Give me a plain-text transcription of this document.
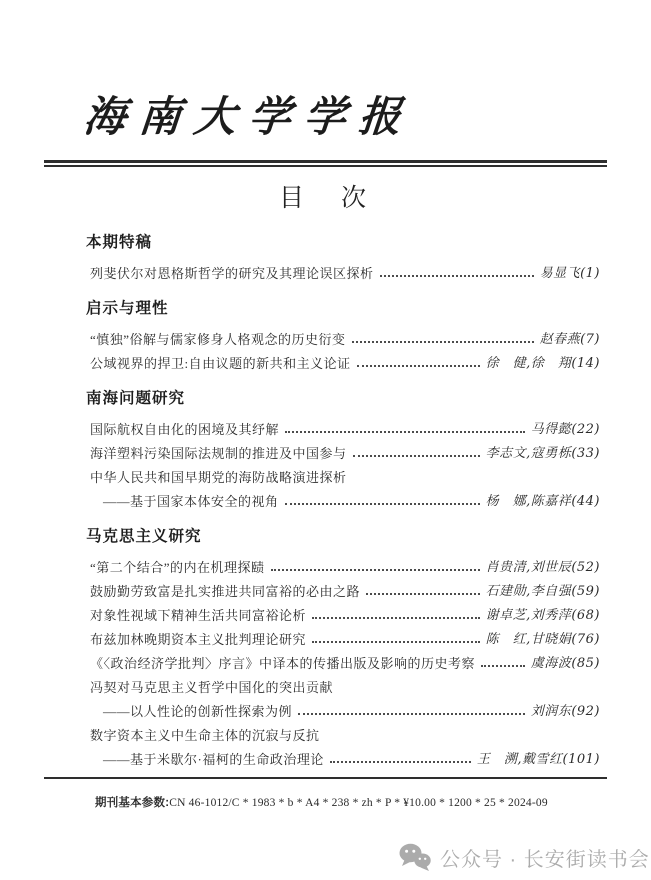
海南大学学报
目　次
本期特稿
列斐伏尔对恩格斯哲学的研究及其理论误区探析	易显飞 (1)
启示与理性
“慎独”俗解与儒家修身人格观念的历史衍变	赵春燕 (7)
公域视界的捍卫:自由议题的新共和主义论证	徐　健,徐　翔 (14)
南海问题研究
国际航权自由化的困境及其纾解	马得懿 (22)
海洋塑料污染国际法规制的推进及中国参与	李志文,寇勇栎 (33)
中华人民共和国早期党的海防战略演进探析
——基于国家本体安全的视角	杨　娜,陈嘉祥 (44)
马克思主义研究
“第二个结合”的内在机理探赜	肖贵清,刘世辰 (52)
鼓励勤劳致富是扎实推进共同富裕的必由之路	石建勋,李自强 (59)
对象性视域下精神生活共同富裕论析	谢卓芝,刘秀萍 (68)
布兹加林晚期资本主义批判理论研究	陈　红,甘晓娟 (76)
《〈政治经济学批判〉序言》中译本的传播出版及影响的历史考察	虞海波 (85)
冯契对马克思主义哲学中国化的突出贡献
——以人性论的创新性探索为例	刘润东 (92)
数字资本主义中生命主体的沉寂与反抗
——基于米歇尔·福柯的生命政治理论	王　溯,戴雪红 (101)
期刊基本参数:CN 46-1012/C * 1983 * b * A4 * 238 * zh * P * ¥10.00 * 1200 * 25 * 2024-09
公众号 · 长安街读书会
